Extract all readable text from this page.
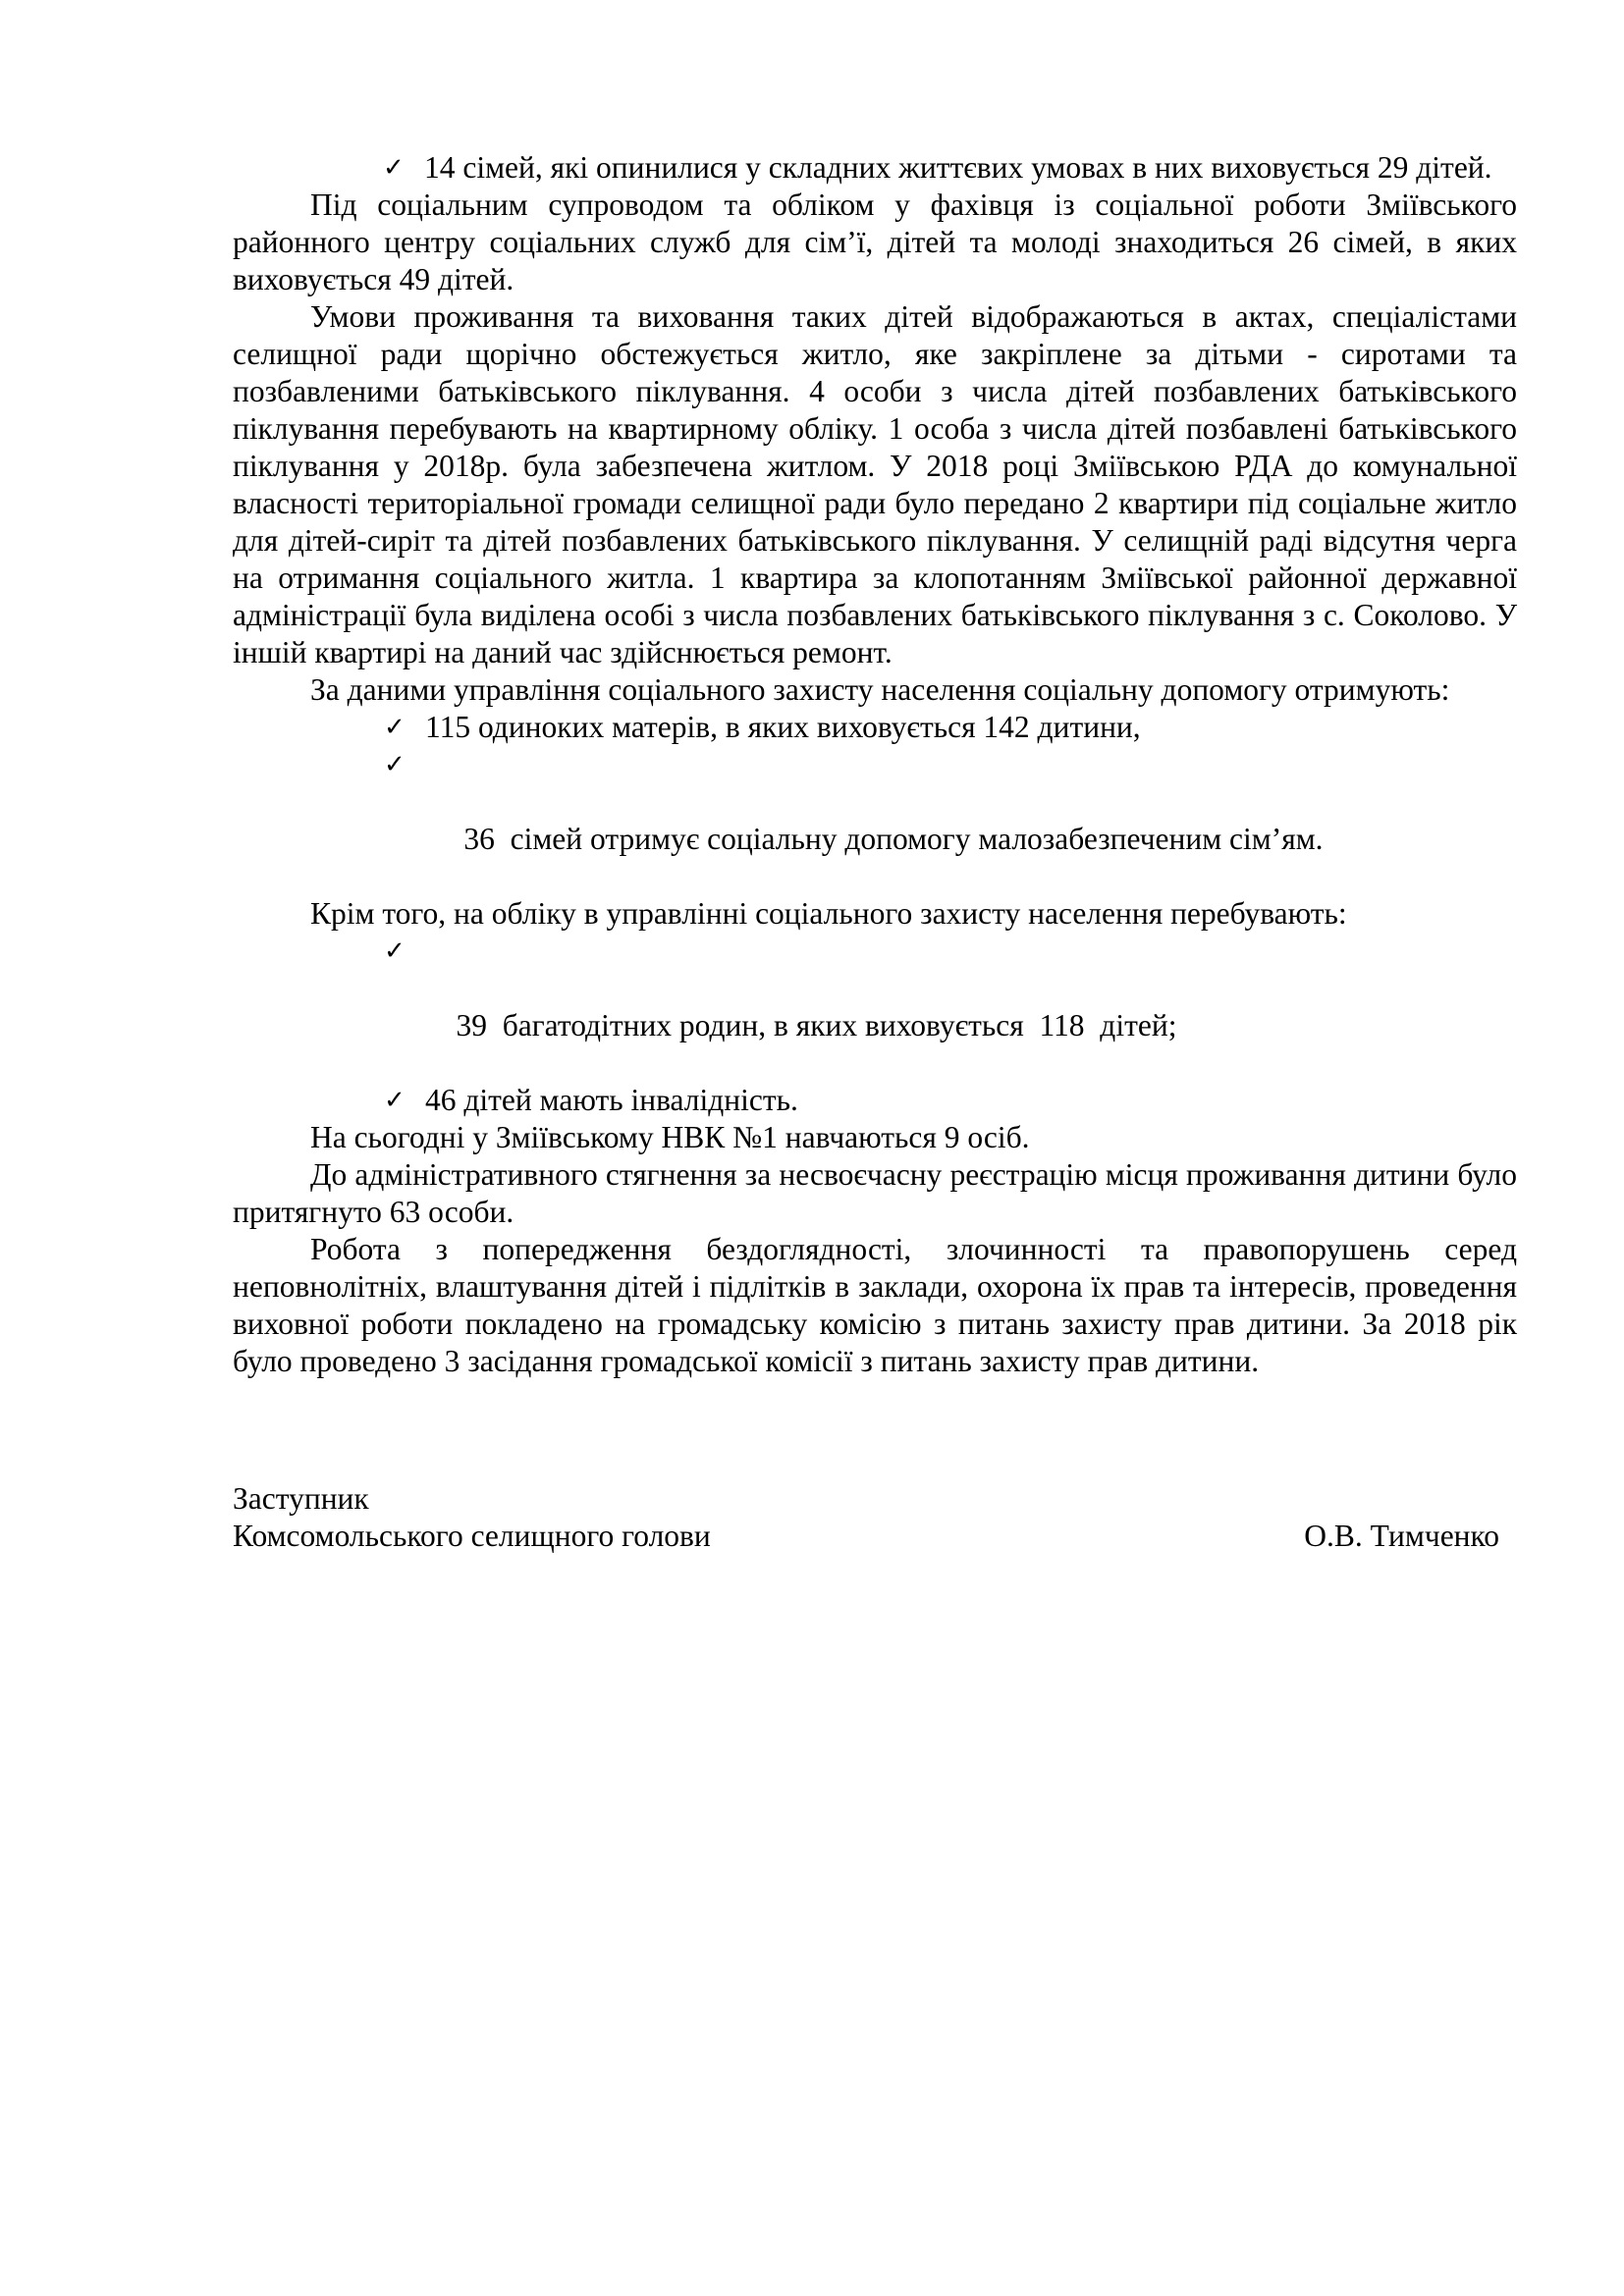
✓ 14 сімей, які опинилися у складних життєвих умовах в них виховується 29 дітей.

Під соціальним супроводом та обліком у фахівця із соціальної роботи Зміївського районного центру соціальних служб для сім’ї, дітей та молоді знаходиться 26 сімей, в яких виховується 49 дітей.

Умови проживання та виховання таких дітей відображаються в актах, спеціалістами селищної ради щорічно обстежується житло, яке закріплене за дітьми - сиротами та позбавленими батьківського піклування. 4 особи з числа дітей позбавлених батьківського піклування перебувають на квартирному обліку. 1 особа з числа дітей позбавлені батьківського піклування у 2018р. була забезпечена житлом. У 2018 році Зміївською РДА до комунальної власності територіальної громади селищної ради було передано 2 квартири під соціальне житло для дітей-сиріт та дітей позбавлених батьківського піклування. У селищній раді відсутня черга на отримання соціального житла. 1 квартира за клопотанням Зміївської районної державної адміністрації була виділена особі з числа позбавлених батьківського піклування з с. Соколово. У іншій квартирі на даний час здійснюється ремонт.

За даними управління соціального захисту населення соціальну допомогу отримують:

✓ 115 одиноких матерів, в яких виховується 142 дитини,

✓

36  сімей отримує соціальну допомогу малозабезпеченим сім’ям.

Крім того, на обліку в управлінні соціального захисту населення перебувають:

✓

39  багатодітних родин, в яких виховується  118  дітей;

✓ 46 дітей мають інвалідність.

На сьогодні у Зміївському НВК №1 навчаються 9 осіб.

До адміністративного стягнення за несвоєчасну реєстрацію місця проживання дитини було притягнуто 63 особи.

Робота з попередження бездоглядності, злочинності та правопорушень серед неповнолітніх, влаштування дітей і підлітків в заклади, охорона їх прав та інтересів, проведення виховної роботи покладено на громадську комісію з питань захисту прав дитини. За 2018 рік було проведено 3 засідання громадської комісії з питань захисту прав дитини.

Заступник
Комсомольського селищного голови	О.В. Тимченко
